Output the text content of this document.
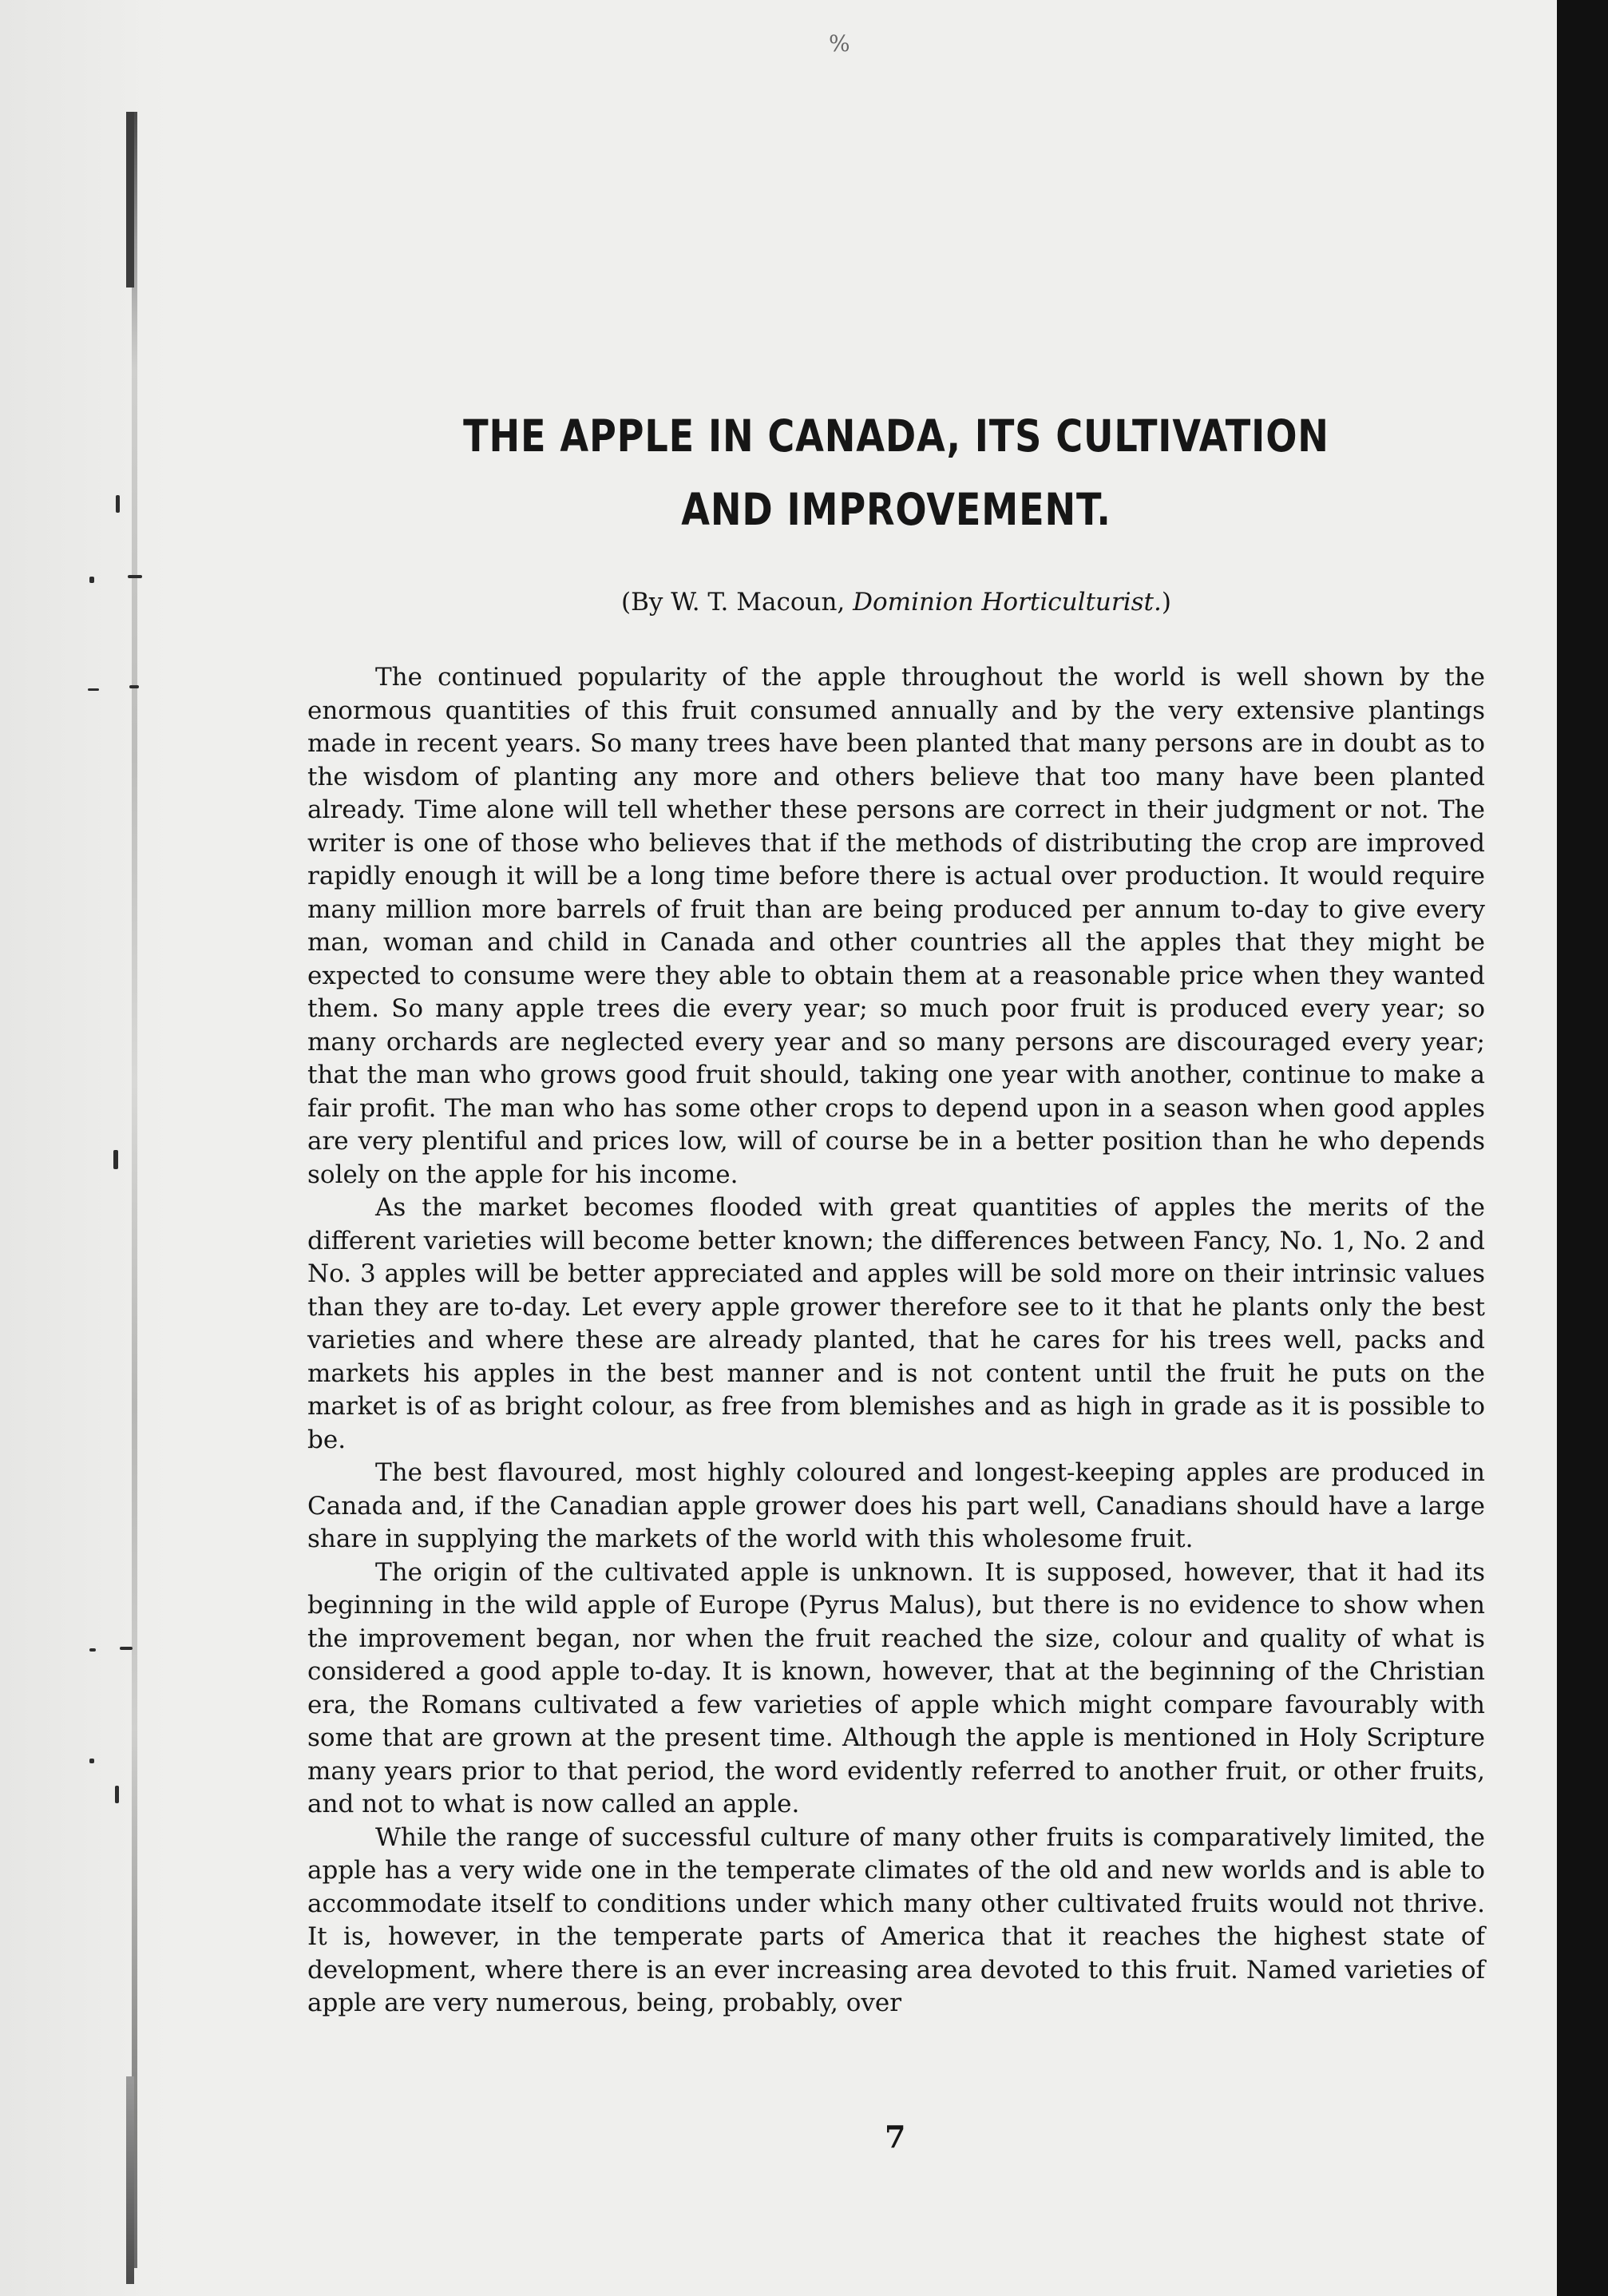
%
THE APPLE IN CANADA, ITS CULTIVATION
AND IMPROVEMENT.
(By W. T. Macoun, Dominion Horticulturist.)

The continued popularity of the apple throughout the world is well shown by the enormous quantities of this fruit consumed annually and by the very extensive plantings made in recent years. So many trees have been planted that many persons are in doubt as to the wisdom of planting any more and others believe that too many have been planted already. Time alone will tell whether these persons are correct in their judgment or not. The writer is one of those who believes that if the methods of distributing the crop are improved rapidly enough it will be a long time before there is actual over production. It would require many million more barrels of fruit than are being produced per annum to-day to give every man, woman and child in Canada and other countries all the apples that they might be expected to consume were they able to obtain them at a reasonable price when they wanted them. So many apple trees die every year; so much poor fruit is produced every year; so many orchards are neglected every year and so many persons are discouraged every year; that the man who grows good fruit should, taking one year with another, continue to make a fair profit. The man who has some other crops to depend upon in a season when good apples are very plentiful and prices low, will of course be in a better position than he who depends solely on the apple for his income.

As the market becomes flooded with great quantities of apples the merits of the different varieties will become better known; the differences between Fancy, No. 1, No. 2 and No. 3 apples will be better appreciated and apples will be sold more on their intrinsic values than they are to-day. Let every apple grower therefore see to it that he plants only the best varieties and where these are already planted, that he cares for his trees well, packs and markets his apples in the best manner and is not content until the fruit he puts on the market is of as bright colour, as free from blemishes and as high in grade as it is possible to be.

The best flavoured, most highly coloured and longest-keeping apples are produced in Canada and, if the Canadian apple grower does his part well, Canadians should have a large share in supplying the markets of the world with this wholesome fruit.

The origin of the cultivated apple is unknown. It is supposed, however, that it had its beginning in the wild apple of Europe (Pyrus Malus), but there is no evidence to show when the improvement began, nor when the fruit reached the size, colour and quality of what is considered a good apple to-day. It is known, however, that at the beginning of the Christian era, the Romans cultivated a few varieties of apple which might compare favourably with some that are grown at the present time. Although the apple is mentioned in Holy Scripture many years prior to that period, the word evidently referred to another fruit, or other fruits, and not to what is now called an apple.

While the range of successful culture of many other fruits is comparatively limited, the apple has a very wide one in the temperate climates of the old and new worlds and is able to accommodate itself to conditions under which many other cultivated fruits would not thrive. It is, however, in the temperate parts of America that it reaches the highest state of development, where there is an ever increasing area devoted to this fruit. Named varieties of apple are very numerous, being, probably, over

7
